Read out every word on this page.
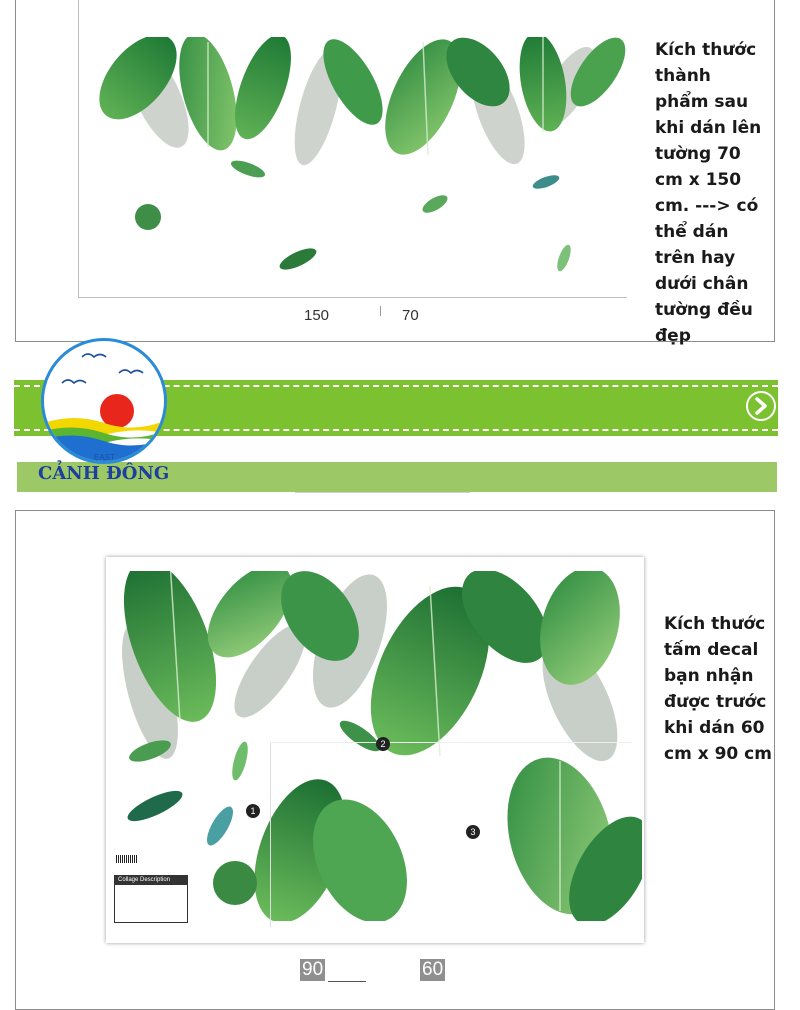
150	70
Kích thước
thành
phẩm sau
khi dán lên
tường 70
cm x 150
cm. ---> có
thể dán
trên hay
dưới chân
tường đều
đẹp
EAST
CẢNH ĐÔNG
1
2
3
Collage Description
Kích thước
tấm decal
bạn nhận
được trước
khi dán 60
cm x 90 cm
90	60
